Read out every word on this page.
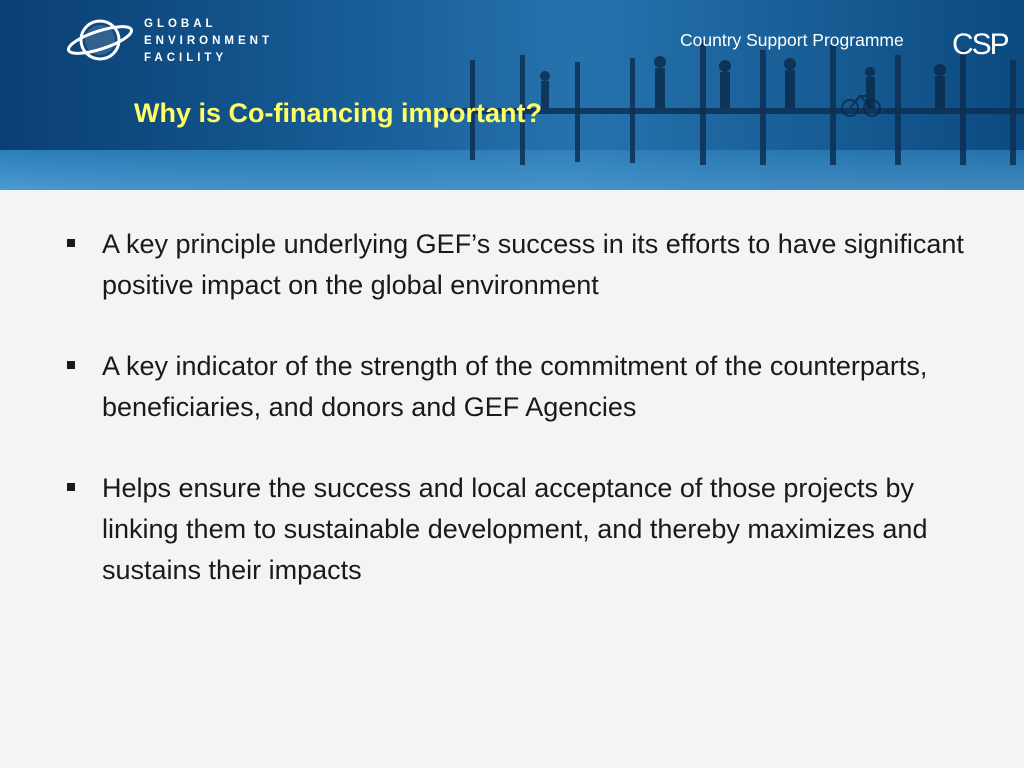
GLOBAL
ENVIRONMENT
FACILITY
Country Support Programme CSP
Why is Co-financing important?
A key principle underlying GEF’s success in its efforts to have significant positive impact on the global environment
A key indicator of the strength of the commitment of the counterparts, beneficiaries, and donors and GEF Agencies
Helps ensure the success and local acceptance of those projects by linking them to sustainable development, and thereby maximizes and sustains their impacts
